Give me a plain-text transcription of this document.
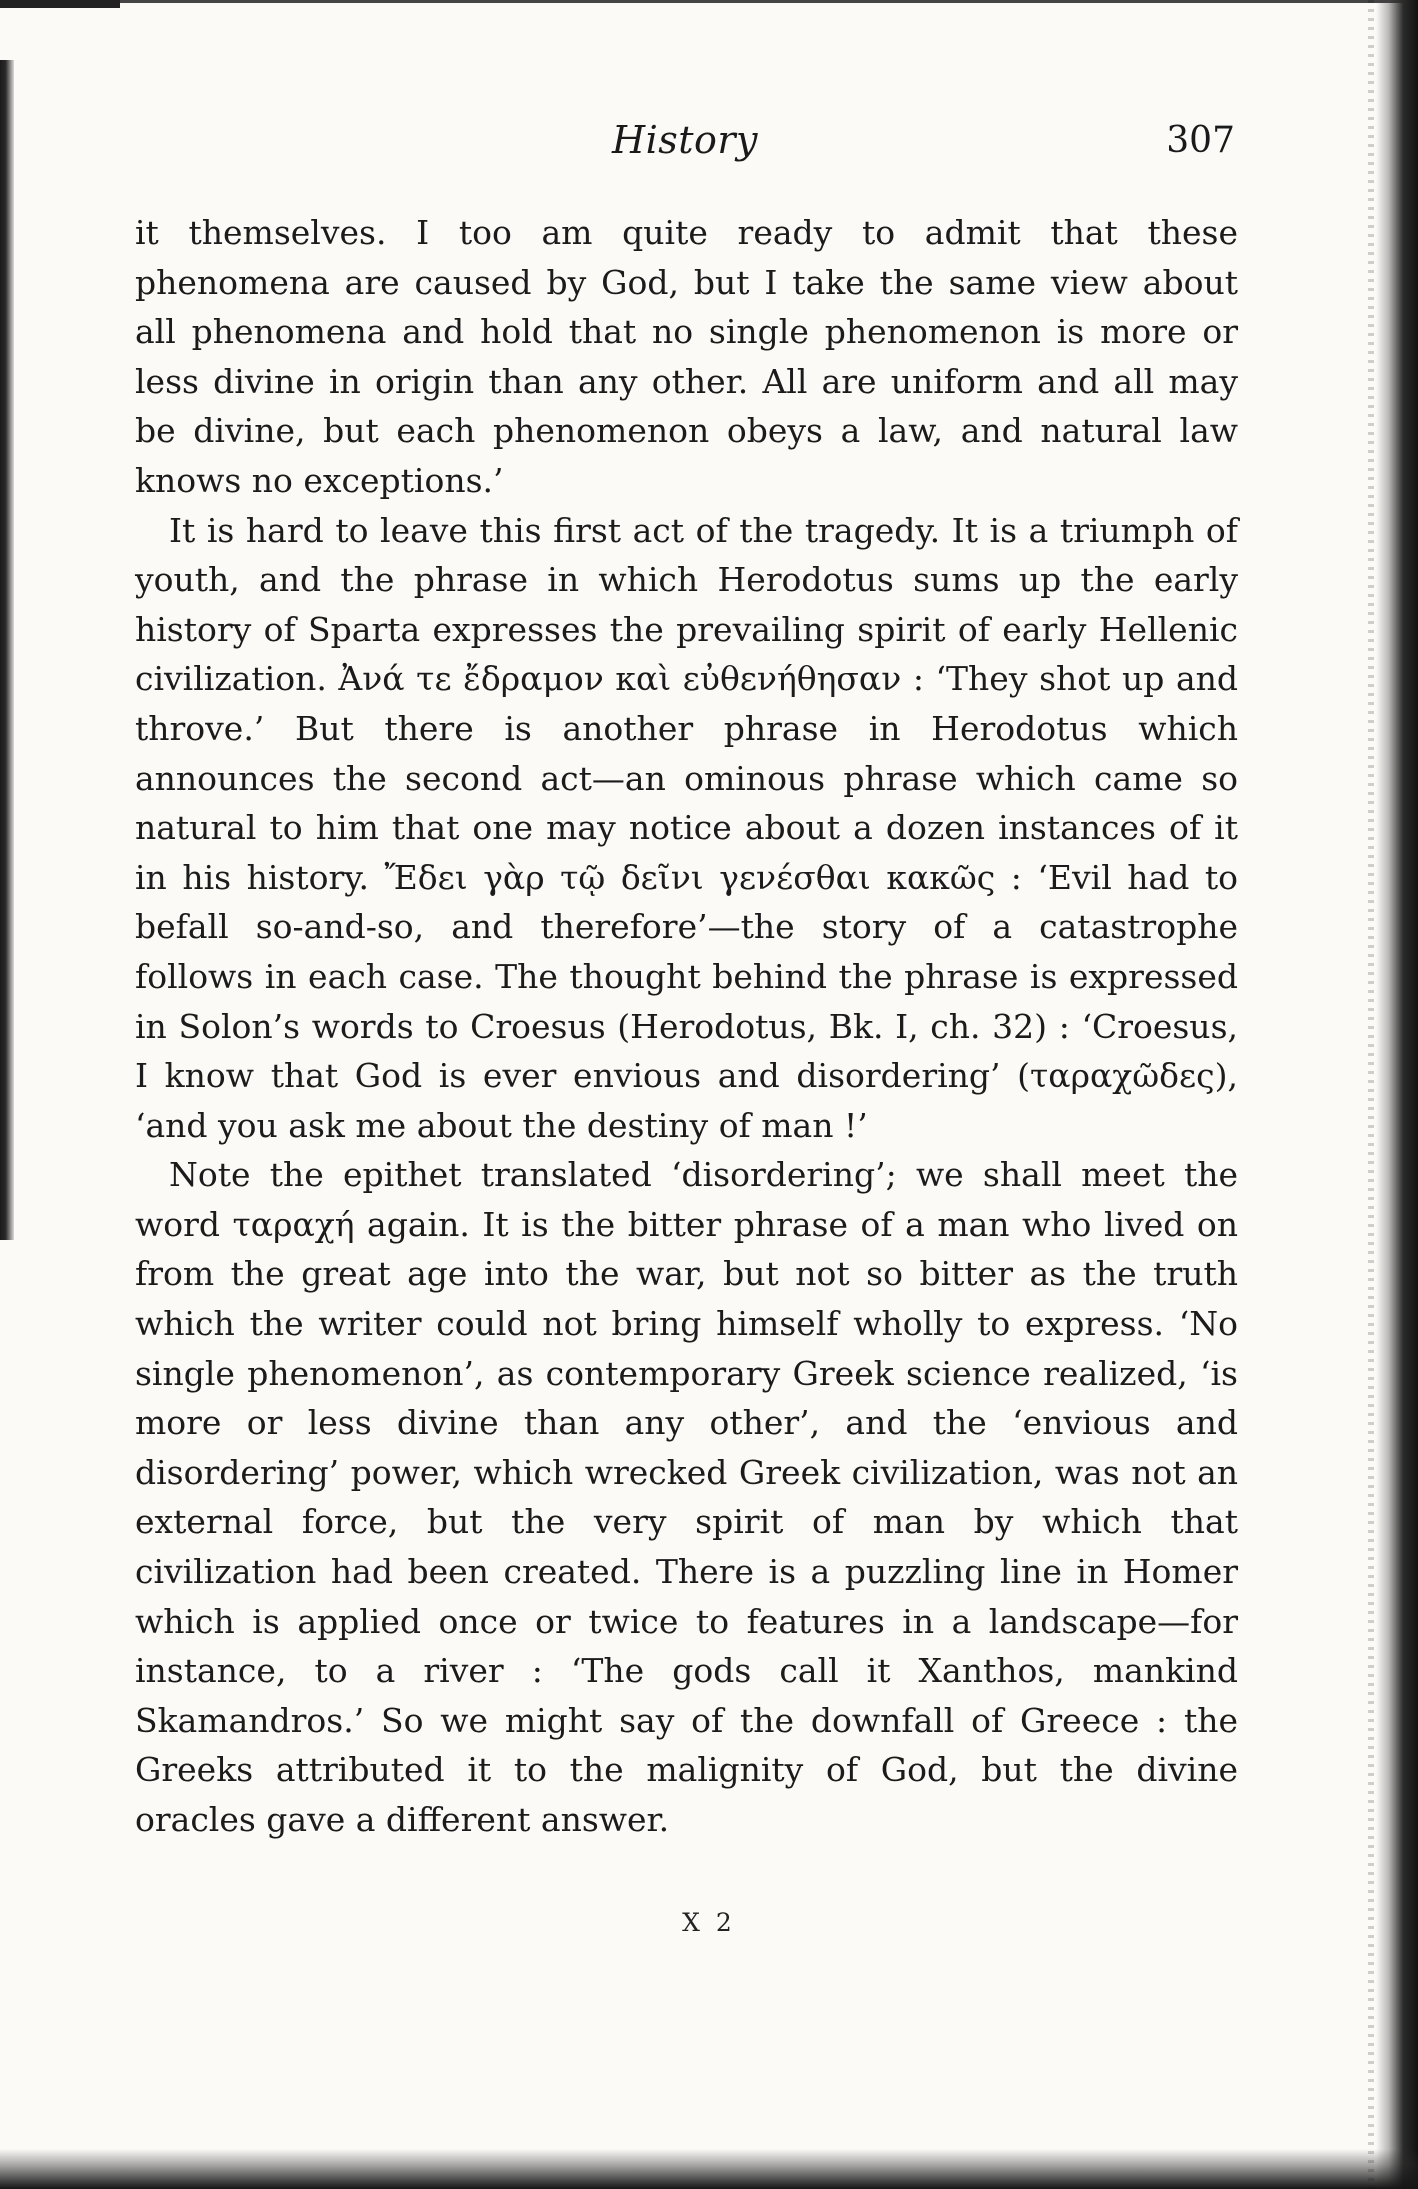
History	307

it themselves. I too am quite ready to admit that these phenomena are caused by God, but I take the same view about all phenomena and hold that no single phenomenon is more or less divine in origin than any other. All are uniform and all may be divine, but each phenomenon obeys a law, and natural law knows no exceptions.’

It is hard to leave this first act of the tragedy. It is a triumph of youth, and the phrase in which Herodotus sums up the early history of Sparta expresses the prevailing spirit of early Hellenic civilization. Ἀνά τε ἔδραμον καὶ εὐθενήθησαν : ‘They shot up and throve.’ But there is another phrase in Herodotus which announces the second act—an ominous phrase which came so natural to him that one may notice about a dozen instances of it in his history. Ἔδει γὰρ τῷ δεῖνι γενέσθαι κακῶς : ‘Evil had to befall so-and-so, and therefore’—the story of a catastrophe follows in each case. The thought behind the phrase is expressed in Solon’s words to Croesus (Herodotus, Bk. I, ch. 32) : ‘Croesus, I know that God is ever envious and disordering’ (ταραχῶδες), ‘and you ask me about the destiny of man !’

Note the epithet translated ‘disordering’; we shall meet the word ταραχή again. It is the bitter phrase of a man who lived on from the great age into the war, but not so bitter as the truth which the writer could not bring himself wholly to express. ‘No single phenomenon’, as contemporary Greek science realized, ‘is more or less divine than any other’, and the ‘envious and disordering’ power, which wrecked Greek civilization, was not an external force, but the very spirit of man by which that civilization had been created. There is a puzzling line in Homer which is applied once or twice to features in a landscape—for instance, to a river : ‘The gods call it Xanthos, mankind Skamandros.’ So we might say of the downfall of Greece : the Greeks attributed it to the malignity of God, but the divine oracles gave a different answer.

X 2
